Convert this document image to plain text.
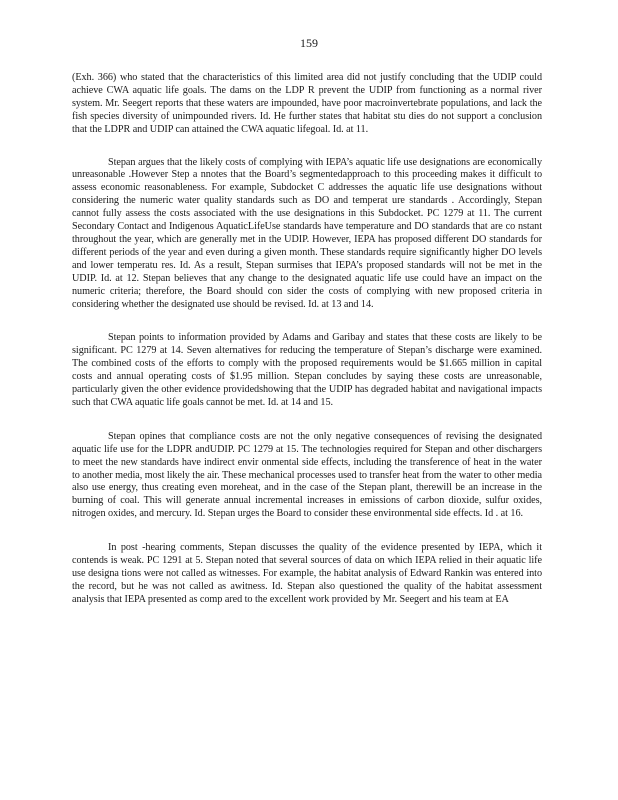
159

(Exh. 366) who stated that the characteristics of this limited area did not justify concluding that the UDIP could achieve CWA aquatic life goals. The dams on the LDP R prevent the UDIP from functioning as a normal river system. Mr. Seegert reports that these waters are impounded, have poor macroinvertebrate populations, and lack the fish species diversity of unimpounded rivers. Id. He further states that habitat stu dies do not support a conclusion that the LDPR and UDIP can attained the CWA aquatic lifegoal. Id. at 11.

Stepan argues that the likely costs of complying with IEPA’s aquatic life use designations are economically unreasonable .However Step a nnotes that the Board’s segmentedapproach to this proceeding makes it difficult to assess economic reasonableness. For example, Subdocket C addresses the aquatic life use designations without considering the numeric water quality standards such as DO and temperat ure standards . Accordingly, Stepan cannot fully assess the costs associated with the use designations in this Subdocket. PC 1279 at 11. The current Secondary Contact and Indigenous AquaticLifeUse standards have temperature and DO standards that are co nstant throughout the year, which are generally met in the UDIP. However, IEPA has proposed different DO standards for different periods of the year and even during a given month. These standards require significantly higher DO levels and lower temperatu res. Id. As a result, Stepan surmises that IEPA’s proposed standards will not be met in the UDIP. Id. at 12. Stepan believes that any change to the designated aquatic life use could have an impact on the numeric criteria; therefore, the Board should con sider the costs of complying with new proposed criteria in considering whether the designated use should be revised. Id. at 13 and 14.

Stepan points to information provided by Adams and Garibay and states that these costs are likely to be significant. PC 1279 at 14. Seven alternatives for reducing the temperature of Stepan’s discharge were examined. The combined costs of the efforts to comply with the proposed requirements would be $1.665 million in capital costs and annual operating costs of $1.95 million. Stepan concludes by saying these costs are unreasonable, particularly given the other evidence providedshowing that the UDIP has degraded habitat and navigational impacts such that CWA aquatic life goals cannot be met. Id. at 14 and 15.

Stepan opines that compliance costs are not the only negative consequences of revising the designated aquatic life use for the LDPR andUDIP. PC 1279 at 15. The technologies required for Stepan and other dischargers to meet the new standards have indirect envir onmental side effects, including the transference of heat in the water to another media, most likely the air. These mechanical processes used to transfer heat from the water to other media also use energy, thus creating even moreheat, and in the case of the Stepan plant, therewill be an increase in the burning of coal. This will generate annual incremental increases in emissions of carbon dioxide, sulfur oxides, nitrogen oxides, and mercury. Id. Stepan urges the Board to consider these environmental side effects. Id . at 16.

In post -hearing comments, Stepan discusses the quality of the evidence presented by IEPA, which it contends is weak. PC 1291 at 5. Stepan noted that several sources of data on which IEPA relied in their aquatic life use designa tions were not called as witnesses. For example, the habitat analysis of Edward Rankin was entered into the record, but he was not called as awitness. Id. Stepan also questioned the quality of the habitat assessment analysis that IEPA presented as comp ared to the excellent work provided by Mr. Seegert and his team at EA
